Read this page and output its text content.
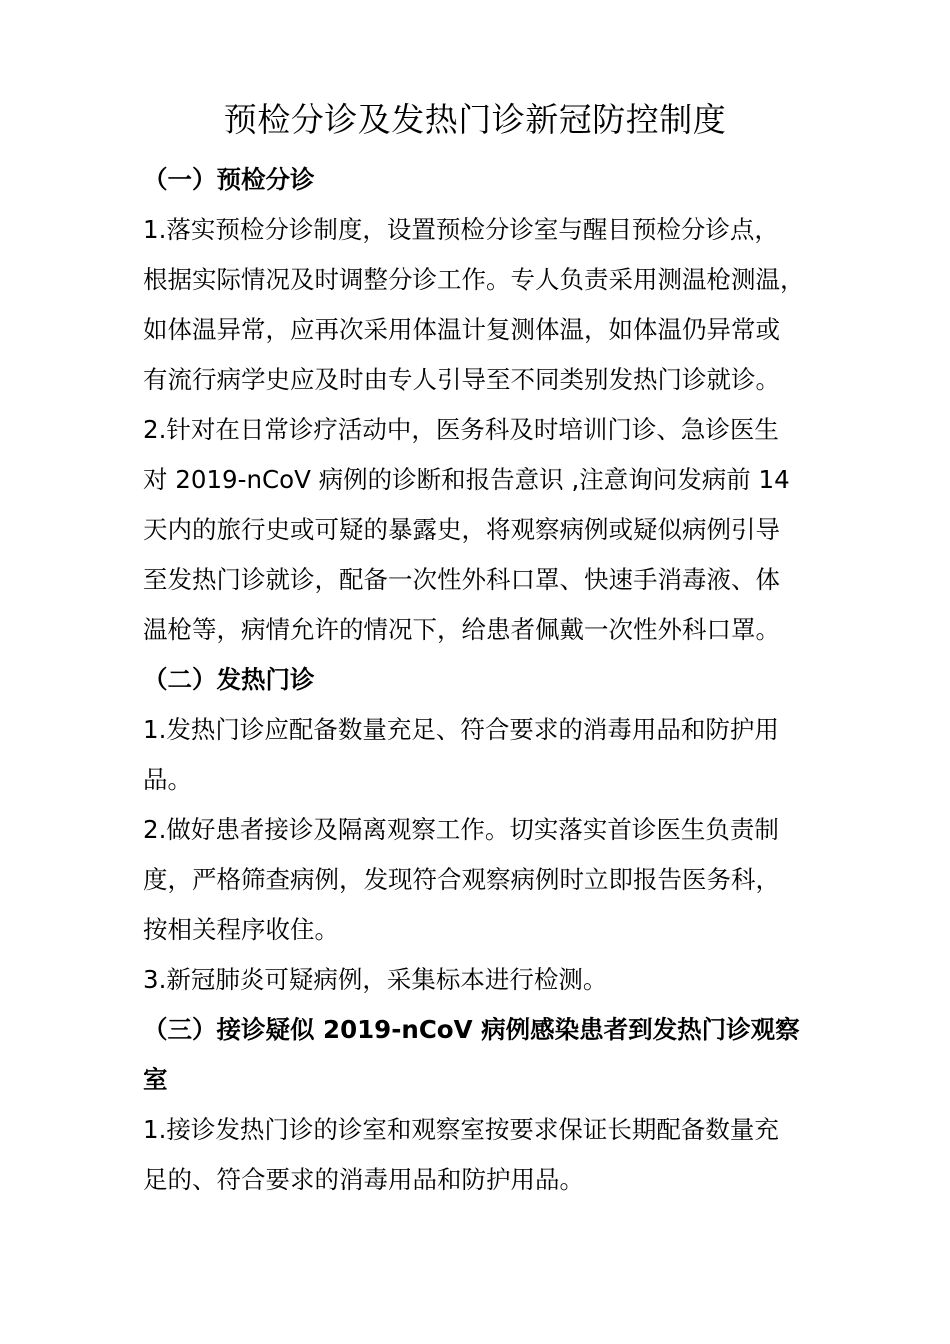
预检分诊及发热门诊新冠防控制度
（一）预检分诊
1.落实预检分诊制度，设置预检分诊室与醒目预检分诊点，
根据实际情况及时调整分诊工作。专人负责采用测温枪测温，
如体温异常，应再次采用体温计复测体温，如体温仍异常或
有流行病学史应及时由专人引导至不同类别发热门诊就诊。
2.针对在日常诊疗活动中，医务科及时培训门诊、急诊医生
对 2019-nCoV 病例的诊断和报告意识 ,注意询问发病前 14
天内的旅行史或可疑的暴露史，将观察病例或疑似病例引导
至发热门诊就诊，配备一次性外科口罩、快速手消毒液、体
温枪等，病情允许的情况下，给患者佩戴一次性外科口罩。
（二）发热门诊
1.发热门诊应配备数量充足、符合要求的消毒用品和防护用
品。
2.做好患者接诊及隔离观察工作。切实落实首诊医生负责制
度，严格筛查病例，发现符合观察病例时立即报告医务科，
按相关程序收住。
3.新冠肺炎可疑病例，采集标本进行检测。
（三）接诊疑似 2019-nCoV 病例感染患者到发热门诊观察
室
1.接诊发热门诊的诊室和观察室按要求保证长期配备数量充
足的、符合要求的消毒用品和防护用品。
